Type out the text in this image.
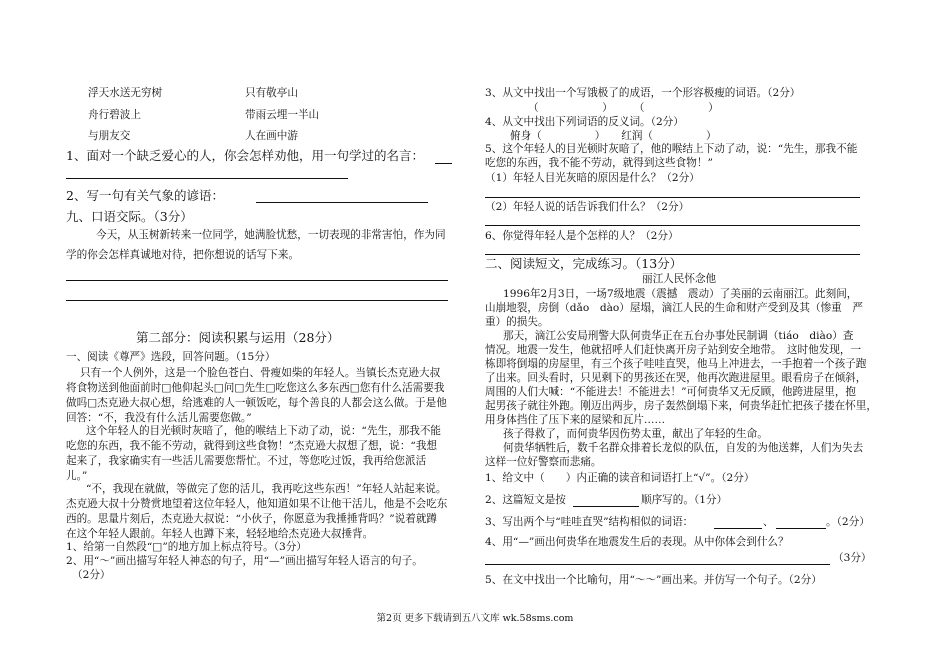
浮天水送无穷树	只有敬亭山
舟行碧波上	带雨云埋一半山
与朋友交	人在画中游
1、面对一个缺乏爱心的人，你会怎样劝他，用一句学过的名言：
2、写一句有关气象的谚语：
九、口语交际。（3分）
今天，从玉树新转来一位同学，她满脸忧愁，一切表现的非常害怕，作为同
学的你会怎样真诚地对待，把你想说的话写下来。
第二部分：阅读积累与运用（28分）
一、阅读《尊严》选段，回答问题。（15分）
只有一个人例外，这是一个脸色苍白、骨瘦如柴的年轻人。当镇长杰克逊大叔
将食物送到他面前时□他仰起头□问□先生□吃您这么多东西□您有什么活需要我
做吗□杰克逊大叔心想，给逃难的人一顿饭吃，每个善良的人都会这么做。于是他
回答：“不，我没有什么活儿需要您做。”
这个年轻人的目光顿时灰暗了，他的喉结上下动了动，说：“先生，那我不能
吃您的东西，我不能不劳动，就得到这些食物！”杰克逊大叔想了想，说：“我想
起来了，我家确实有一些活儿需要您帮忙。不过，等您吃过饭，我再给您派活
儿。”
“不，我现在就做，等做完了您的活儿，我再吃这些东西！”年轻人站起来说。
杰克逊大叔十分赞赏地望着这位年轻人，他知道如果不让他干活儿，他是不会吃东
西的。思量片刻后，杰克逊大叔说：“小伙子，你愿意为我捶捶背吗？”说着就蹲
在这个年轻人跟前。年轻人也蹲下来，轻轻地给杰克逊大叔捶背。
1、给第一自然段“□”的地方加上标点符号。（3分）
2、用“～”画出描写年轻人神态的句子，用“—”画出描写年轻人语言的句子。
（2分）
3、从文中找出一个写饿极了的成语，一个形容极瘦的词语。（2分）
（　　　　　　）　　　（　　　　　　）
4、从文中找出下列词语的反义词。（2分）
俯身（　　　　　）　　红润（　　　　　）
5、这个年轻人的目光顿时灰暗了，他的喉结上下动了动，说：“先生，那我不能
吃您的东西，我不能不劳动，就得到这些食物！”
（1）年轻人目光灰暗的原因是什么？（2分）
（2）年轻人说的话告诉我们什么？（2分）
6、你觉得年轻人是个怎样的人？（2分）
二、阅读短文，完成练习。（13分）
丽江人民怀念他
1996年2月3日，一场7级地震（震撼　震动）了美丽的云南丽江。此刻间，
山崩地裂，房倒（dǎo　dào）屋塌，滴江人民的生命和财产受到及其（惨重　严
重）的损失。
那天，滴江公安局刑警大队何贵华正在五台办事处民制调（tiáo　diào）查
情况。地震一发生，他就招呼人们赶快离开房子站到安全地带。　这时他发现，一
栋即将倒塌的房屋里，有三个孩子哇哇直哭，他马上冲进去，一手抱着一个孩子跑
了出来。回头看时，只见剩下的男孩还在哭，他再次跑进屋里。眼看房子在倾斜，
周围的人们大喊：“不能进去！不能进去！”可何贵华又无反顾，他跨进屋里，抱
起男孩子就往外跑。刚迈出两步，房子轰然倒塌下来，何贵华赶忙把孩子搂在怀里，
用身体挡住了压下来的屋梁和瓦片……
孩子得救了，而何贵华因伤势太重，献出了年轻的生命。
何贵华牺牲后，数千名群众排着长龙似的队伍，自发的为他送葬，人们为失去
这样一位好警察而悲痛。
1、给文中（　　）内正确的读音和词语打上“√”。（2分）
2、这篇短文是按	顺序写的。（1分）
3、写出两个与“哇哇直哭”结构相似的词语：	、	。（2分）
4、用“—”画出何贵华在地震发生后的表现。从中你体会到什么？
（3分）
5、在文中找出一个比喻句，用“～～”画出来。并仿写一个句子。（2分）
第2页 更多下载请到五八文库 wk.58sms.com
